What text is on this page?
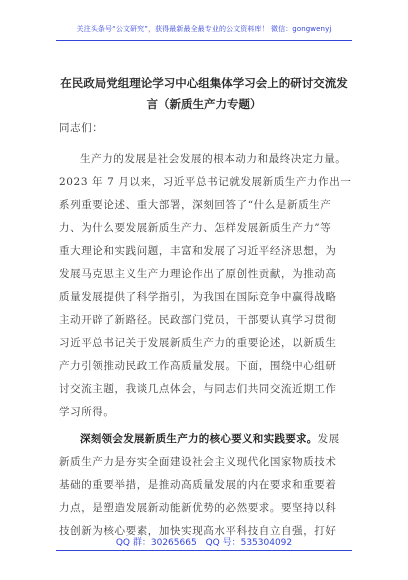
关注头条号“公文研究”，获得最新最全最专业的公文资料库！ 微信：gongwenyj
在民政局党组理论学习中心组集体学习会上的研讨交流发
言（新质生产力专题）
同志们：
生产力的发展是社会发展的根本动力和最终决定力量。
2023 年 7 月以来，习近平总书记就发展新质生产力作出一
系列重要论述、重大部署，深刻回答了“什么是新质生产
力、为什么要发展新质生产力、怎样发展新质生产力”等
重大理论和实践问题，丰富和发展了习近平经济思想，为
发展马克思主义生产力理论作出了原创性贡献，为推动高
质量发展提供了科学指引，为我国在国际竞争中赢得战略
主动开辟了新路径。民政部门党员，干部要认真学习贯彻
习近平总书记关于发展新质生产力的重要论述，以新质生
产力引领推动民政工作高质量发展。下面，围绕中心组研
讨交流主题，我谈几点体会，与同志们共同交流近期工作
学习所得。
深刻领会发展新质生产力的核心要义和实践要求。发展
新质生产力是夯实全面建设社会主义现代化国家物质技术
基础的重要举措，是推动高质量发展的内在要求和重要着
力点，是塑造发展新动能新优势的必然要求。要坚持以科
技创新为核心要素，加快实现高水平科技自立自强，打好
QQ 群：30265665 QQ 号：535304092
